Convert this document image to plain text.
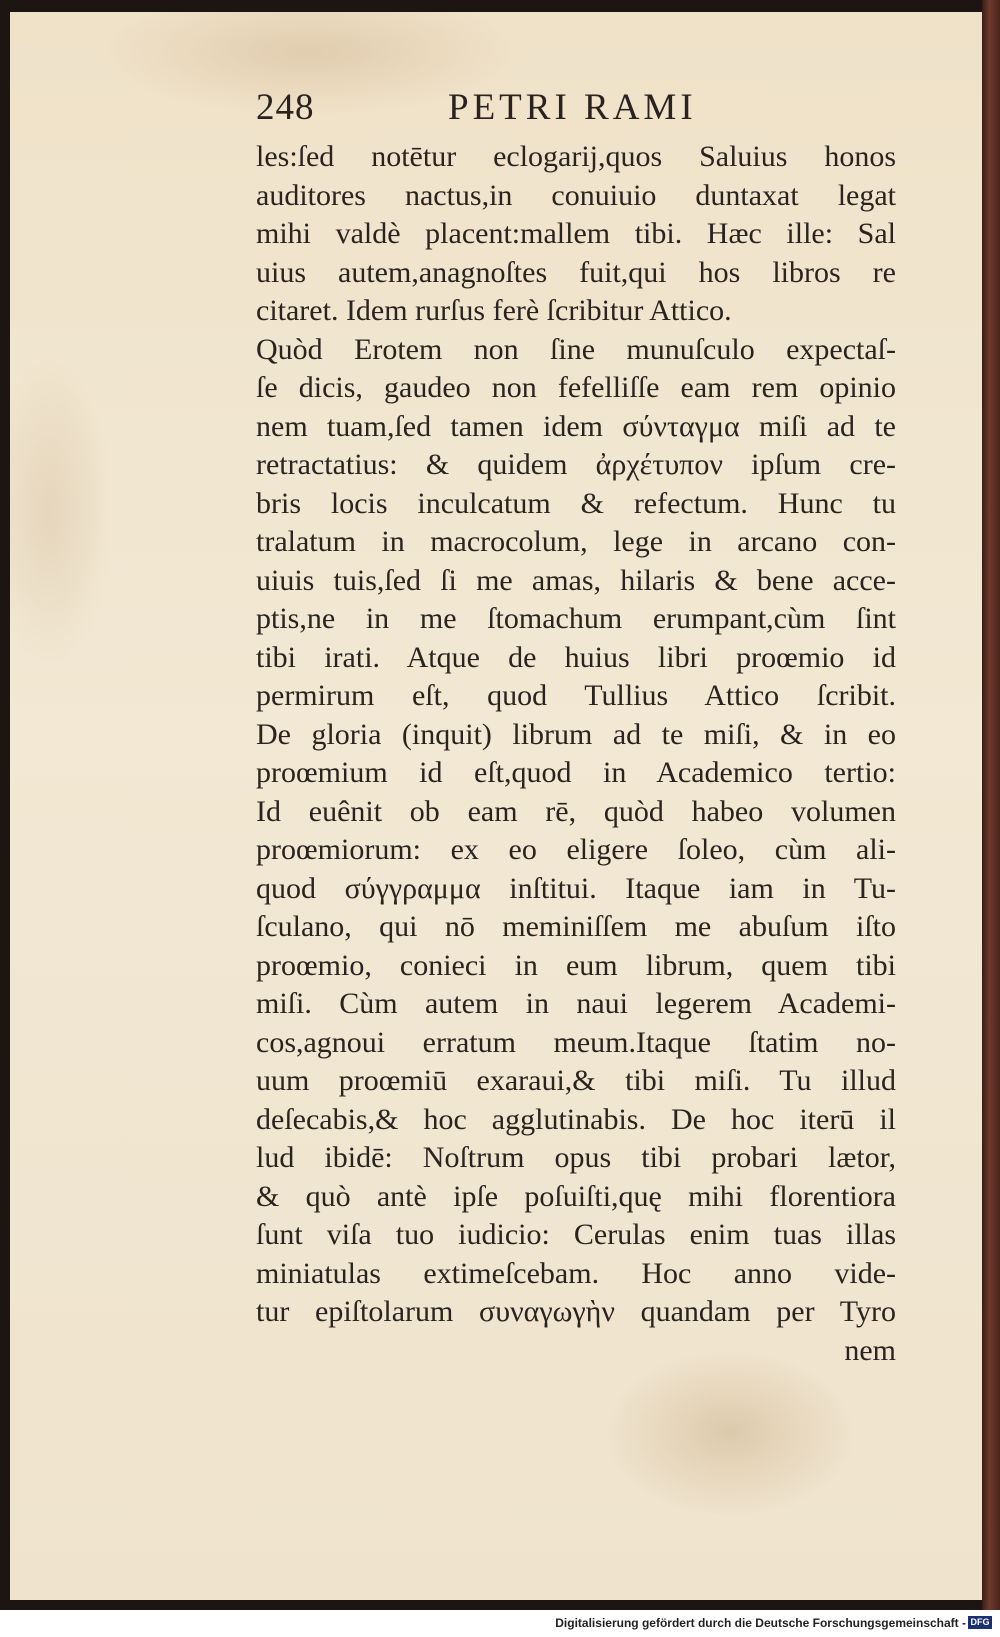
248	PETRI RAMI
les:ſed notētur eclogarij,quos Saluius honos
auditores nactus,in conuiuio duntaxat legat
mihi valdè placent:mallem tibi. Hæc ille: Sal
uius autem,anagnoſtes fuit,qui hos libros re
citaret. Idem rurſus ferè ſcribitur Attico.
Quòd Erotem non ſine munuſculo expectaſ-
ſe dicis, gaudeo non fefelliſſe eam rem opinio
nem tuam,ſed tamen idem σύνταγμα miſi ad te
retractatius: & quidem ἀρχέτυπον ipſum cre-
bris locis inculcatum & refectum. Hunc tu
tralatum in macrocolum, lege in arcano con-
uiuis tuis,ſed ſi me amas, hilaris & bene acce-
ptis,ne in me ſtomachum erumpant,cùm ſint
tibi irati. Atque de huius libri proœmio id
permirum eſt, quod Tullius Attico ſcribit.
De gloria (inquit) librum ad te miſi, & in eo
proœmium id eſt,quod in Academico tertio:
Id euênit ob eam rē, quòd habeo volumen
proœmiorum: ex eo eligere ſoleo, cùm ali-
quod σύγγραμμα inſtitui. Itaque iam in Tu-
ſculano, qui nō meminiſſem me abuſum iſto
proœmio, conieci in eum librum, quem tibi
miſi. Cùm autem in naui legerem Academi-
cos,agnoui erratum meum.Itaque ſtatim no-
uum proœmiū exaraui,& tibi miſi. Tu illud
deſecabis,& hoc agglutinabis. De hoc iterū il
lud ibidē: Noſtrum opus tibi probari lætor,
& quò antè ipſe poſuiſti,quę mihi florentiora
ſunt viſa tuo iudicio: Cerulas enim tuas illas
miniatulas extimeſcebam. Hoc anno vide-
tur epiſtolarum συναγωγὴν quandam per Tyro
nem
Digitalisierung gefördert durch die Deutsche Forschungsgemeinschaft - DFG
